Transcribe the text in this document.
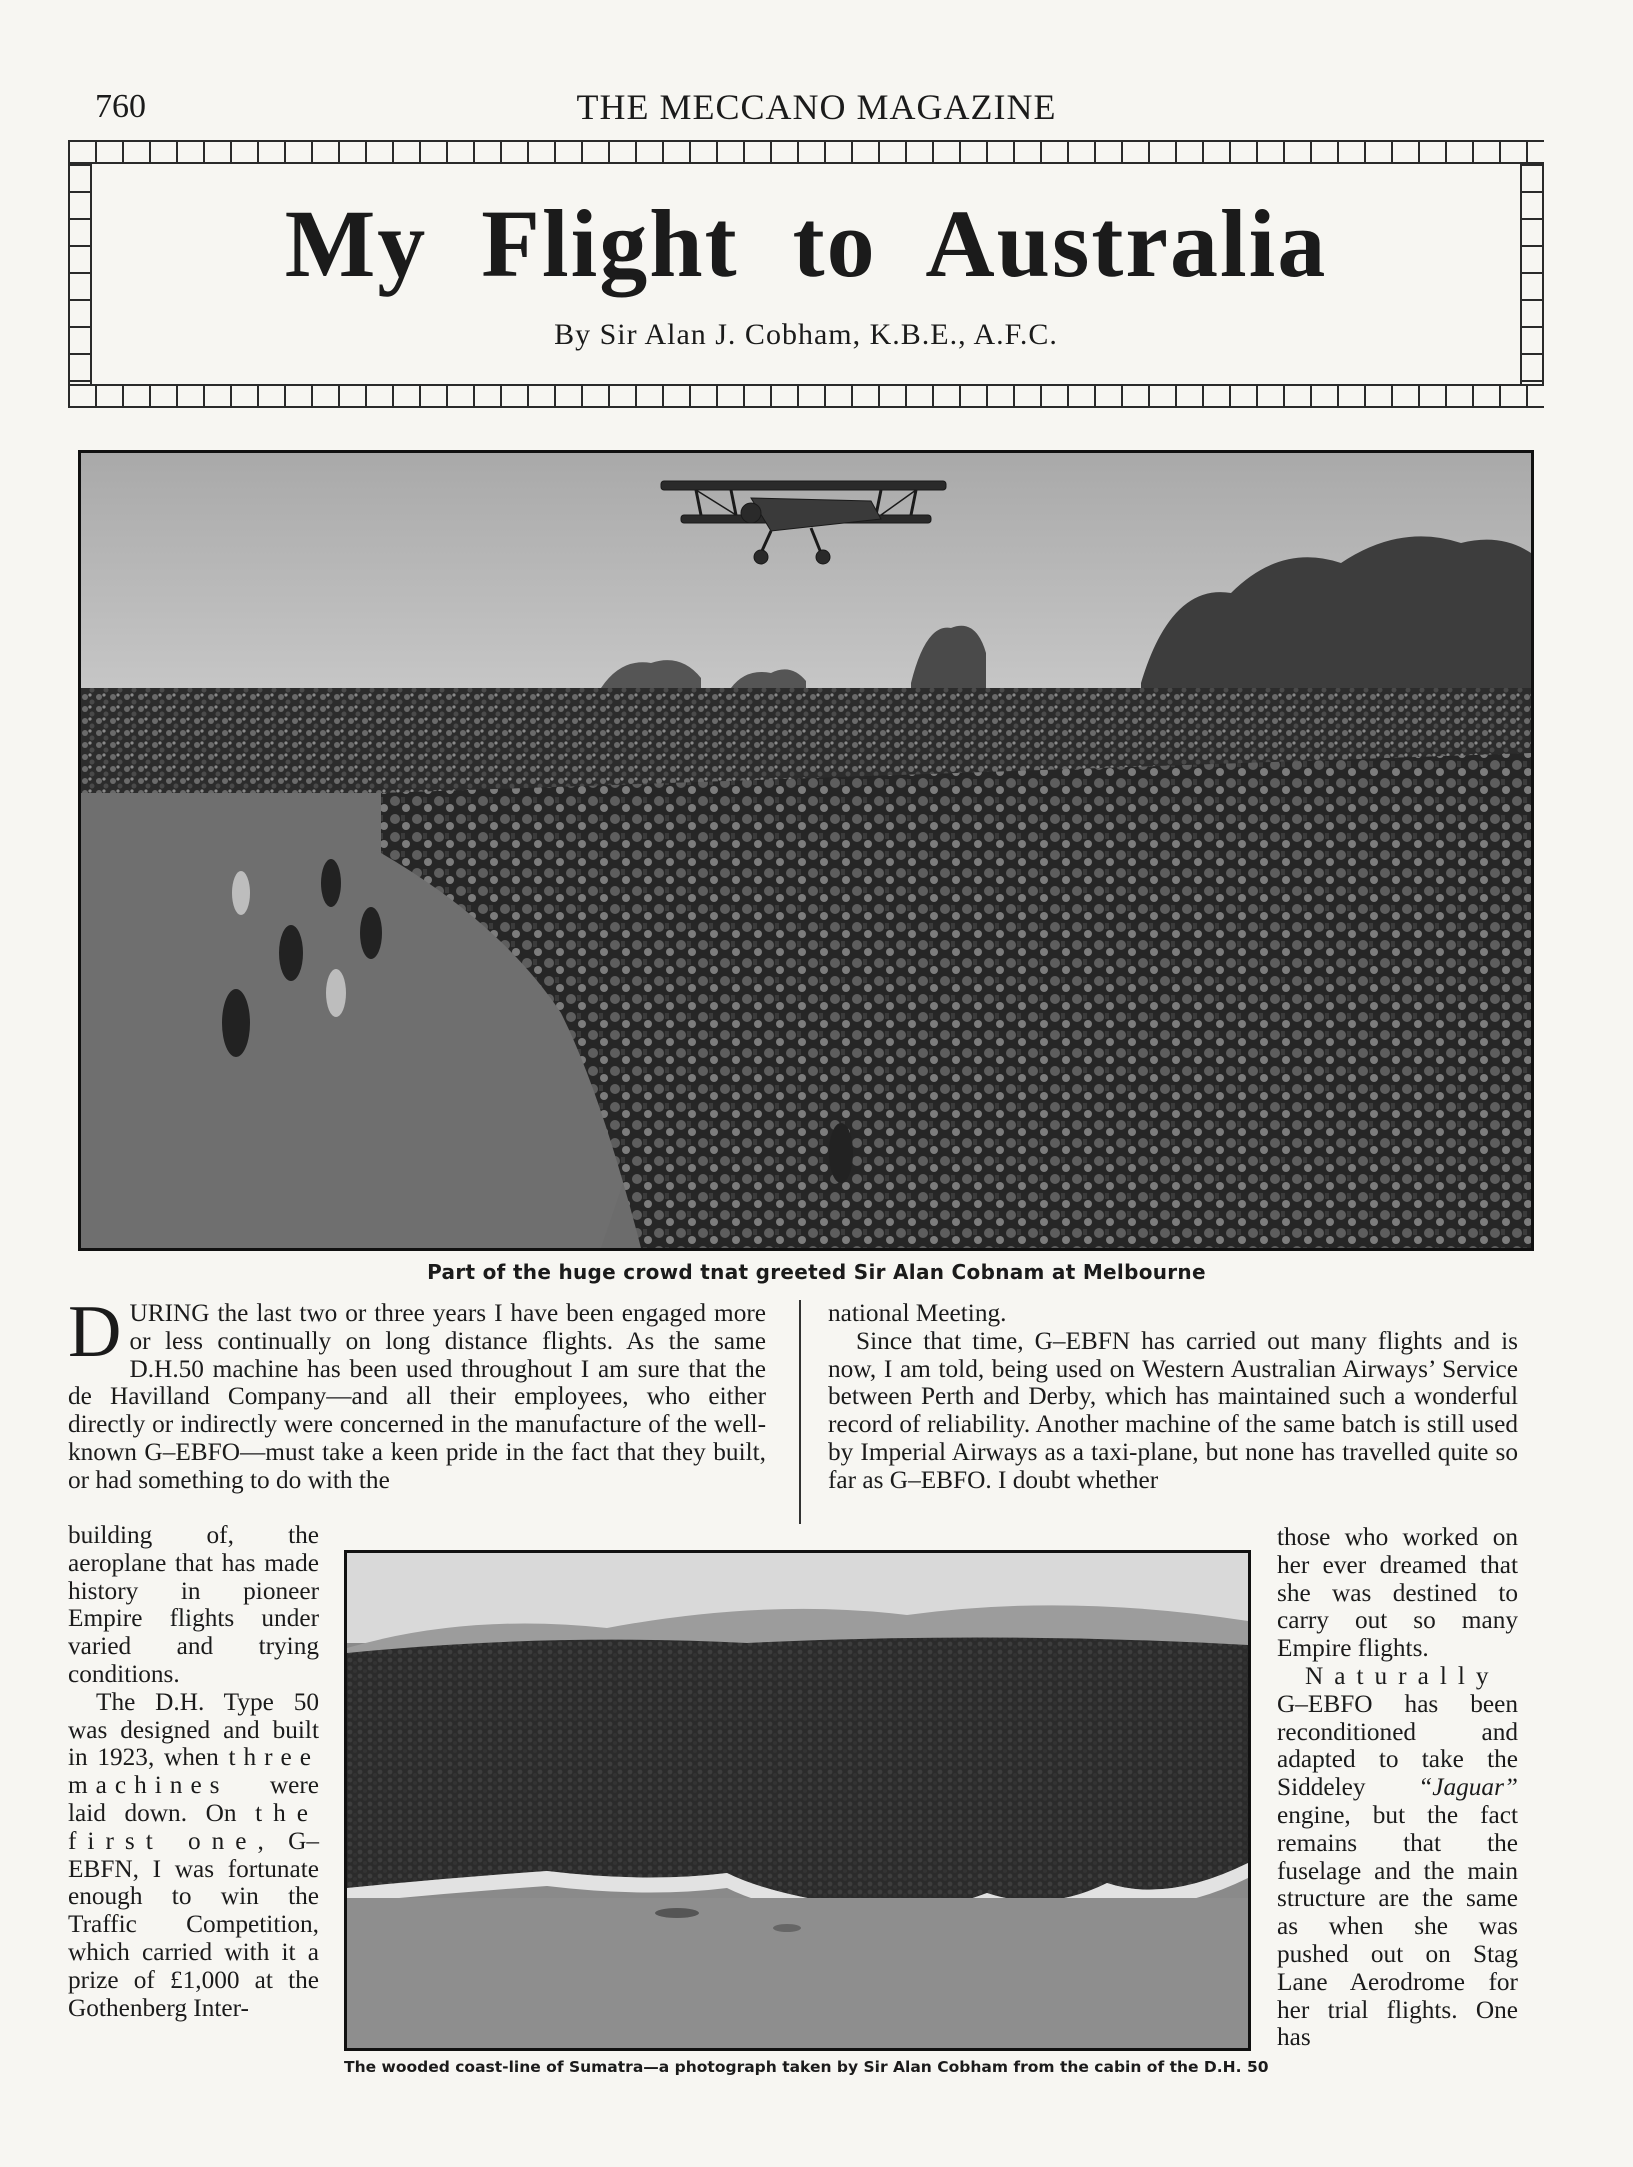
760	THE MECCANO MAGAZINE
My Flight to Australia
By Sir Alan J. Cobham, K.B.E., A.F.C.
Part of the huge crowd tnat greeted Sir Alan Cobnam at Melbourne

DURING the last two or three years I have been engaged more or less continually on long distance flights. As the same D.H.50 machine has been used throughout I am sure that the de Havilland Company—and all their employees, who either directly or indirectly were concerned in the manufacture of the well-known G–EBFO—must take a keen pride in the fact that they built, or had something to do with the

national Meeting.

Since that time, G–EBFN has carried out many flights and is now, I am told, being used on Western Australian Airways’ Service between Perth and Derby, which has maintained such a wonderful record of reliability. Another machine of the same batch is still used by Imperial Airways as a taxi-plane, but none has travelled quite so far as G–EBFO. I doubt whether

building of, the aeroplane that has made history in pioneer Empire flights under varied and trying conditions.

The D.H. Type 50 was designed and built in 1923, when three machines were laid down. On the first one, G–EBFN, I was fortunate enough to win the Traffic Competition, which carried with it a prize of £1,000 at the Gothenberg Inter-

The wooded coast-line of Sumatra—a photograph taken by Sir Alan Cobham from the cabin of the D.H. 50

those who worked on her ever dreamed that she was destined to carry out so many Empire flights.

Naturally G–EBFO has been reconditioned and adapted to take the Siddeley “Jaguar” engine, but the fact remains that the fuselage and the main structure are the same as when she was pushed out on Stag Lane Aerodrome for her trial flights. One has
